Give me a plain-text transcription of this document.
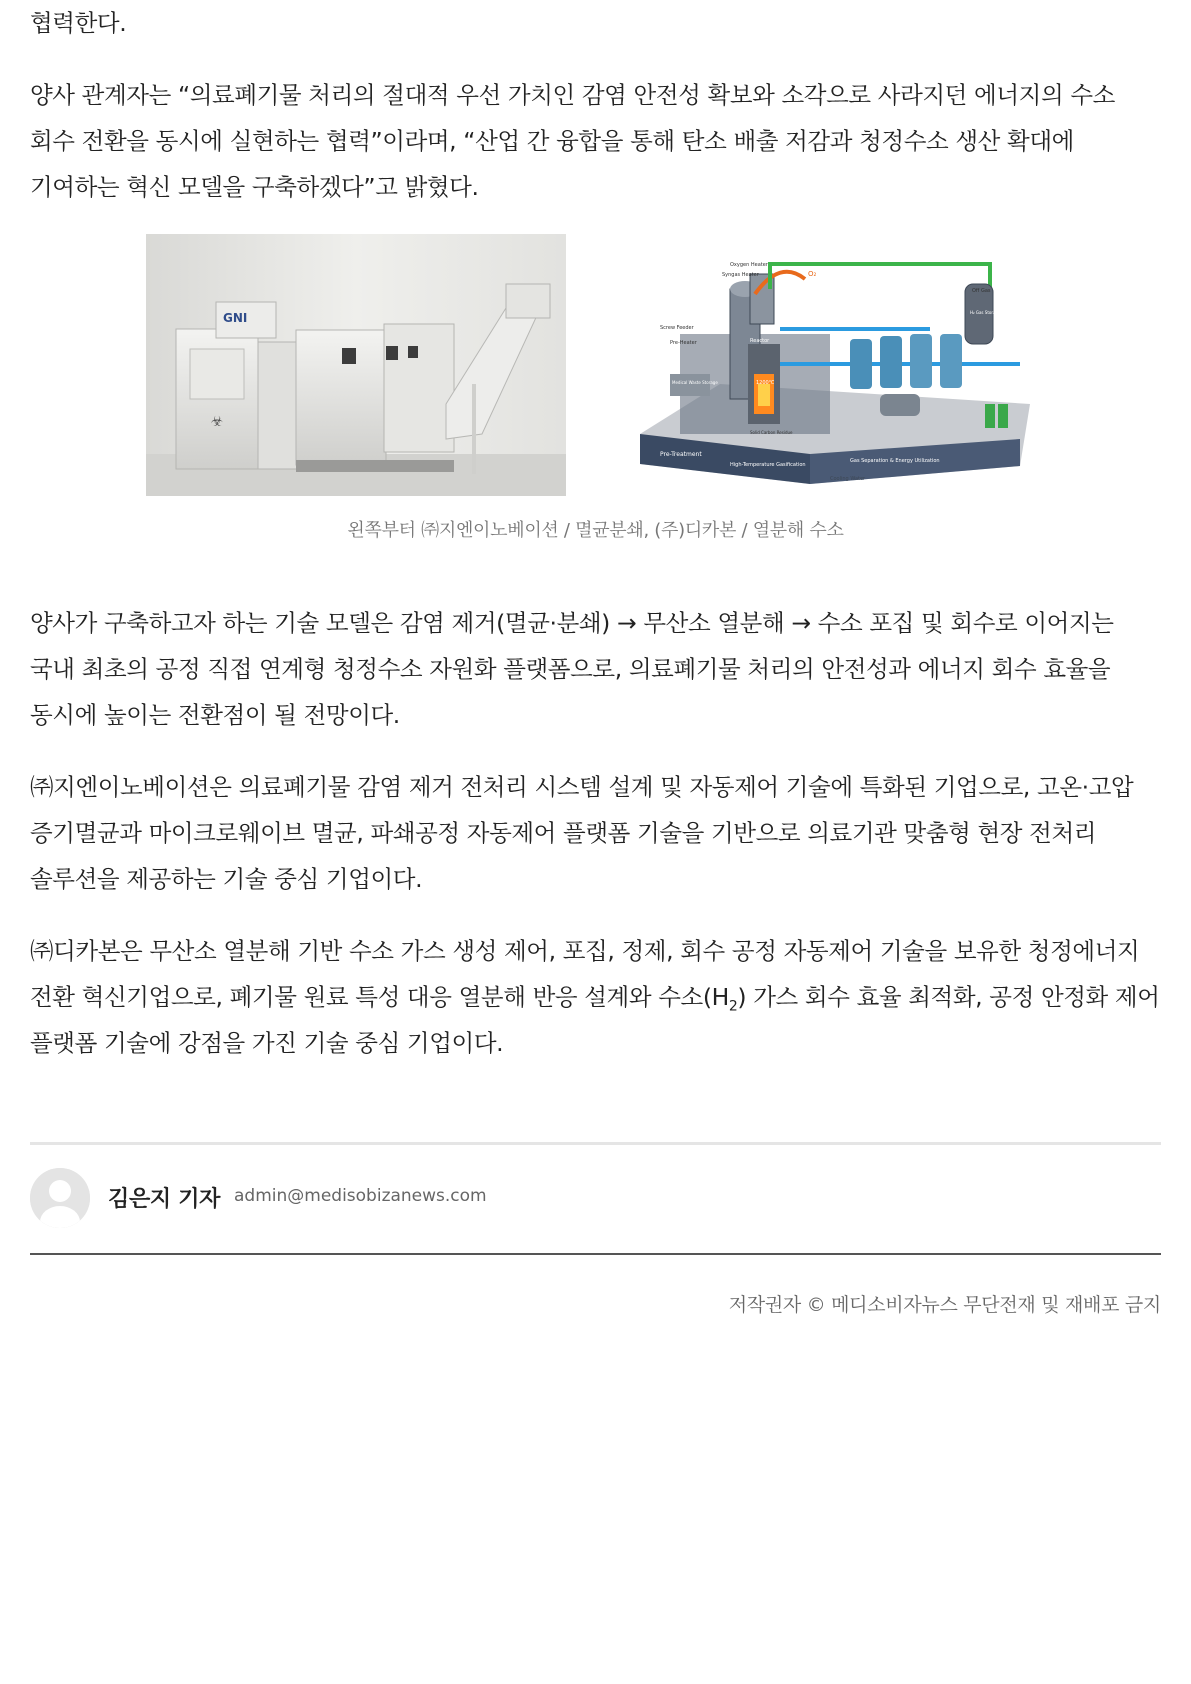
협력한다.

양사 관계자는 “의료폐기물 처리의 절대적 우선 가치인 감염 안전성 확보와 소각으로 사라지던 에너지의 수소 회수 전환을 동시에 실현하는 협력”이라며, “산업 간 융합을 통해 탄소 배출 저감과 청정수소 생산 확대에 기여하는 혁신 모델을 구축하겠다”고 밝혔다.

☣
GNI
Oxygen Heater
Syngas Heater	O₂
Off Gas
H₂ Gas Storage
Screw Feeder
Pre-Heater	Reactor
1200℃
Medical Waste Storage
Solid Carbon Residue
Pre-Treatment
High-Temperature Gasification
Gas Separation & Energy Utilization
Cooling Water
왼쪽부터 ㈜지엔이노베이션 / 멸균분쇄, (주)디카본 / 열분해 수소

양사가 구축하고자 하는 기술 모델은 감염 제거(멸균·분쇄) → 무산소 열분해 → 수소 포집 및 회수로 이어지는 국내 최초의 공정 직접 연계형 청정수소 자원화 플랫폼으로, 의료폐기물 처리의 안전성과 에너지 회수 효율을 동시에 높이는 전환점이 될 전망이다.

㈜지엔이노베이션은 의료폐기물 감염 제거 전처리 시스템 설계 및 자동제어 기술에 특화된 기업으로, 고온·고압 증기멸균과 마이크로웨이브 멸균, 파쇄공정 자동제어 플랫폼 기술을 기반으로 의료기관 맞춤형 현장 전처리 솔루션을 제공하는 기술 중심 기업이다.

㈜디카본은 무산소 열분해 기반 수소 가스 생성 제어, 포집, 정제, 회수 공정 자동제어 기술을 보유한 청정에너지 전환 혁신기업으로, 폐기물 원료 특성 대응 열분해 반응 설계와 수소$(H_2)$ 가스 회수 효율 최적화, 공정 안정화 제어 플랫폼 기술에 강점을 가진 기술 중심 기업이다.

김은지 기자 admin@medisobizanews.com
저작권자 © 메디소비자뉴스 무단전재 및 재배포 금지
